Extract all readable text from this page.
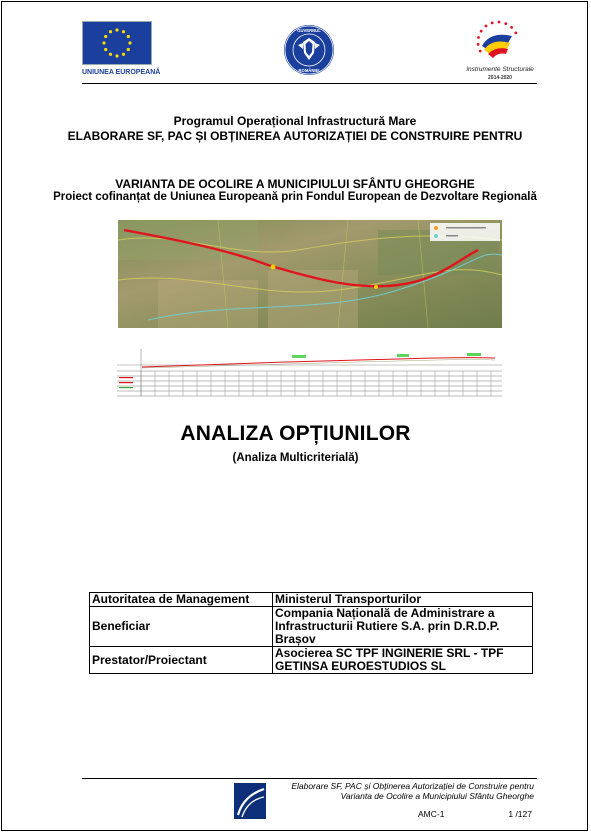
UNIUNEA EUROPEANĂ
GUVERNUL
ROMÂNIEI	Instrumente Structurale
2014-2020
Programul Operațional Infrastructură Mare
ELABORARE SF, PAC ȘI OBȚINEREA AUTORIZAȚIEI DE CONSTRUIRE PENTRU
VARIANTA DE OCOLIRE A MUNICIPIULUI SFÂNTU GHEORGHE
Proiect cofinanțat de Uniunea Europeană prin Fondul European de Dezvoltare Regională
ANALIZA OPȚIUNILOR
(Analiza Multicriterială)
Autoritatea de Management	Ministerul Transporturilor
Beneficiar	Compania Națională de Administrare a Infrastructurii Rutiere S.A. prin D.R.D.P. Brașov
Prestator/Proiectant	Asocierea SC TPF INGINERIE SRL - TPF GETINSA EUROESTUDIOS SL
Elaborare SF, PAC și Obținerea Autorizației de Construire pentru
Varianta de Ocolire a Municipiului Sfântu Gheorghe
AMC-1	1 /127
